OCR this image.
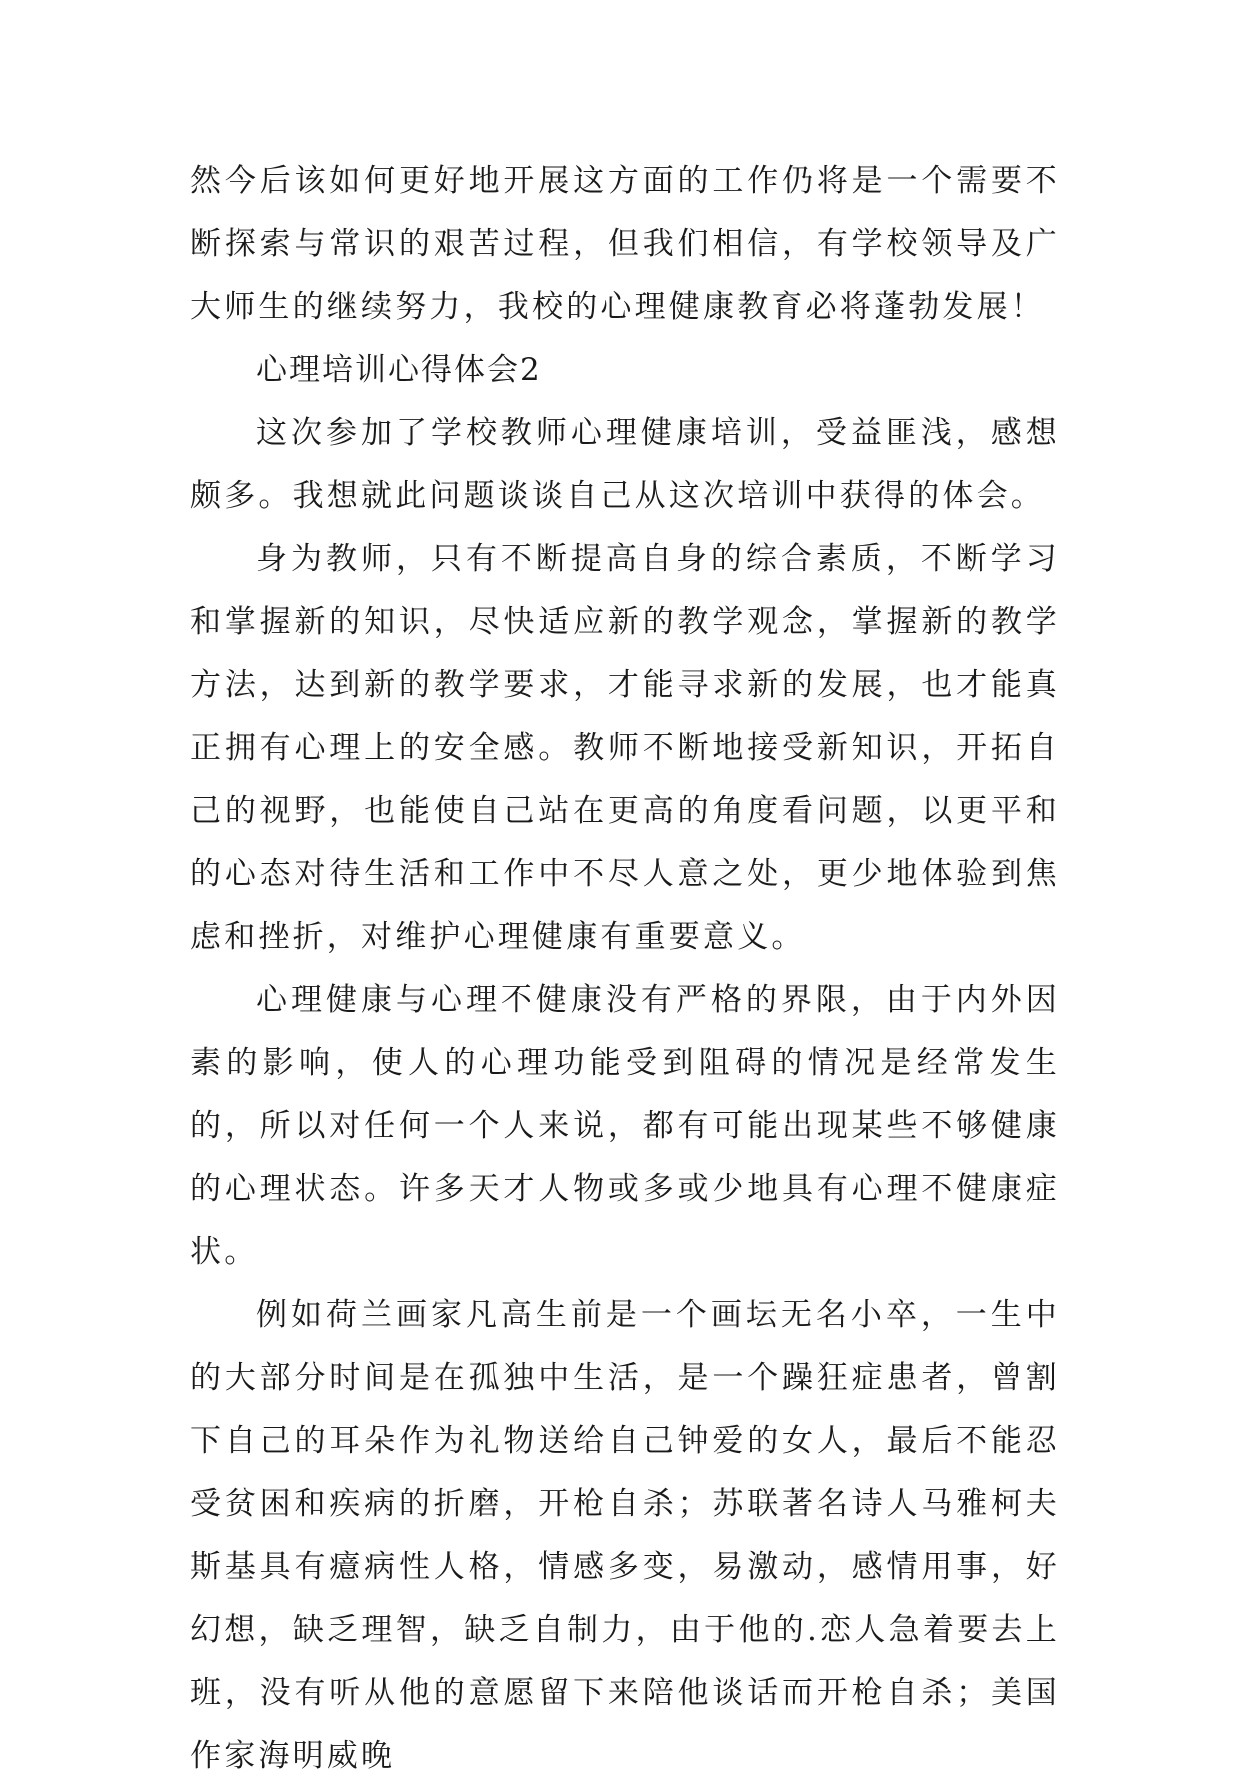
然今后该如何更好地开展这方面的工作仍将是一个需要不断探索与常识的艰苦过程，但我们相信，有学校领导及广大师生的继续努力，我校的心理健康教育必将蓬勃发展！

心理培训心得体会2

这次参加了学校教师心理健康培训，受益匪浅，感想颇多。我想就此问题谈谈自己从这次培训中获得的体会。

身为教师，只有不断提高自身的综合素质，不断学习和掌握新的知识，尽快适应新的教学观念，掌握新的教学方法，达到新的教学要求，才能寻求新的发展，也才能真正拥有心理上的安全感。教师不断地接受新知识，开拓自己的视野，也能使自己站在更高的角度看问题，以更平和的心态对待生活和工作中不尽人意之处，更少地体验到焦虑和挫折，对维护心理健康有重要意义。

心理健康与心理不健康没有严格的界限，由于内外因素的影响，使人的心理功能受到阻碍的情况是经常发生的，所以对任何一个人来说，都有可能出现某些不够健康的心理状态。许多天才人物或多或少地具有心理不健康症状。

例如荷兰画家凡高生前是一个画坛无名小卒，一生中的大部分时间是在孤独中生活，是一个躁狂症患者，曾割下自己的耳朵作为礼物送给自己钟爱的女人，最后不能忍受贫困和疾病的折磨，开枪自杀；苏联著名诗人马雅柯夫斯基具有癔病性人格，情感多变，易激动，感情用事，好幻想，缺乏理智，缺乏自制力，由于他的.恋人急着要去上班，没有听从他的意愿留下来陪他谈话而开枪自杀；美国作家海明威晚
